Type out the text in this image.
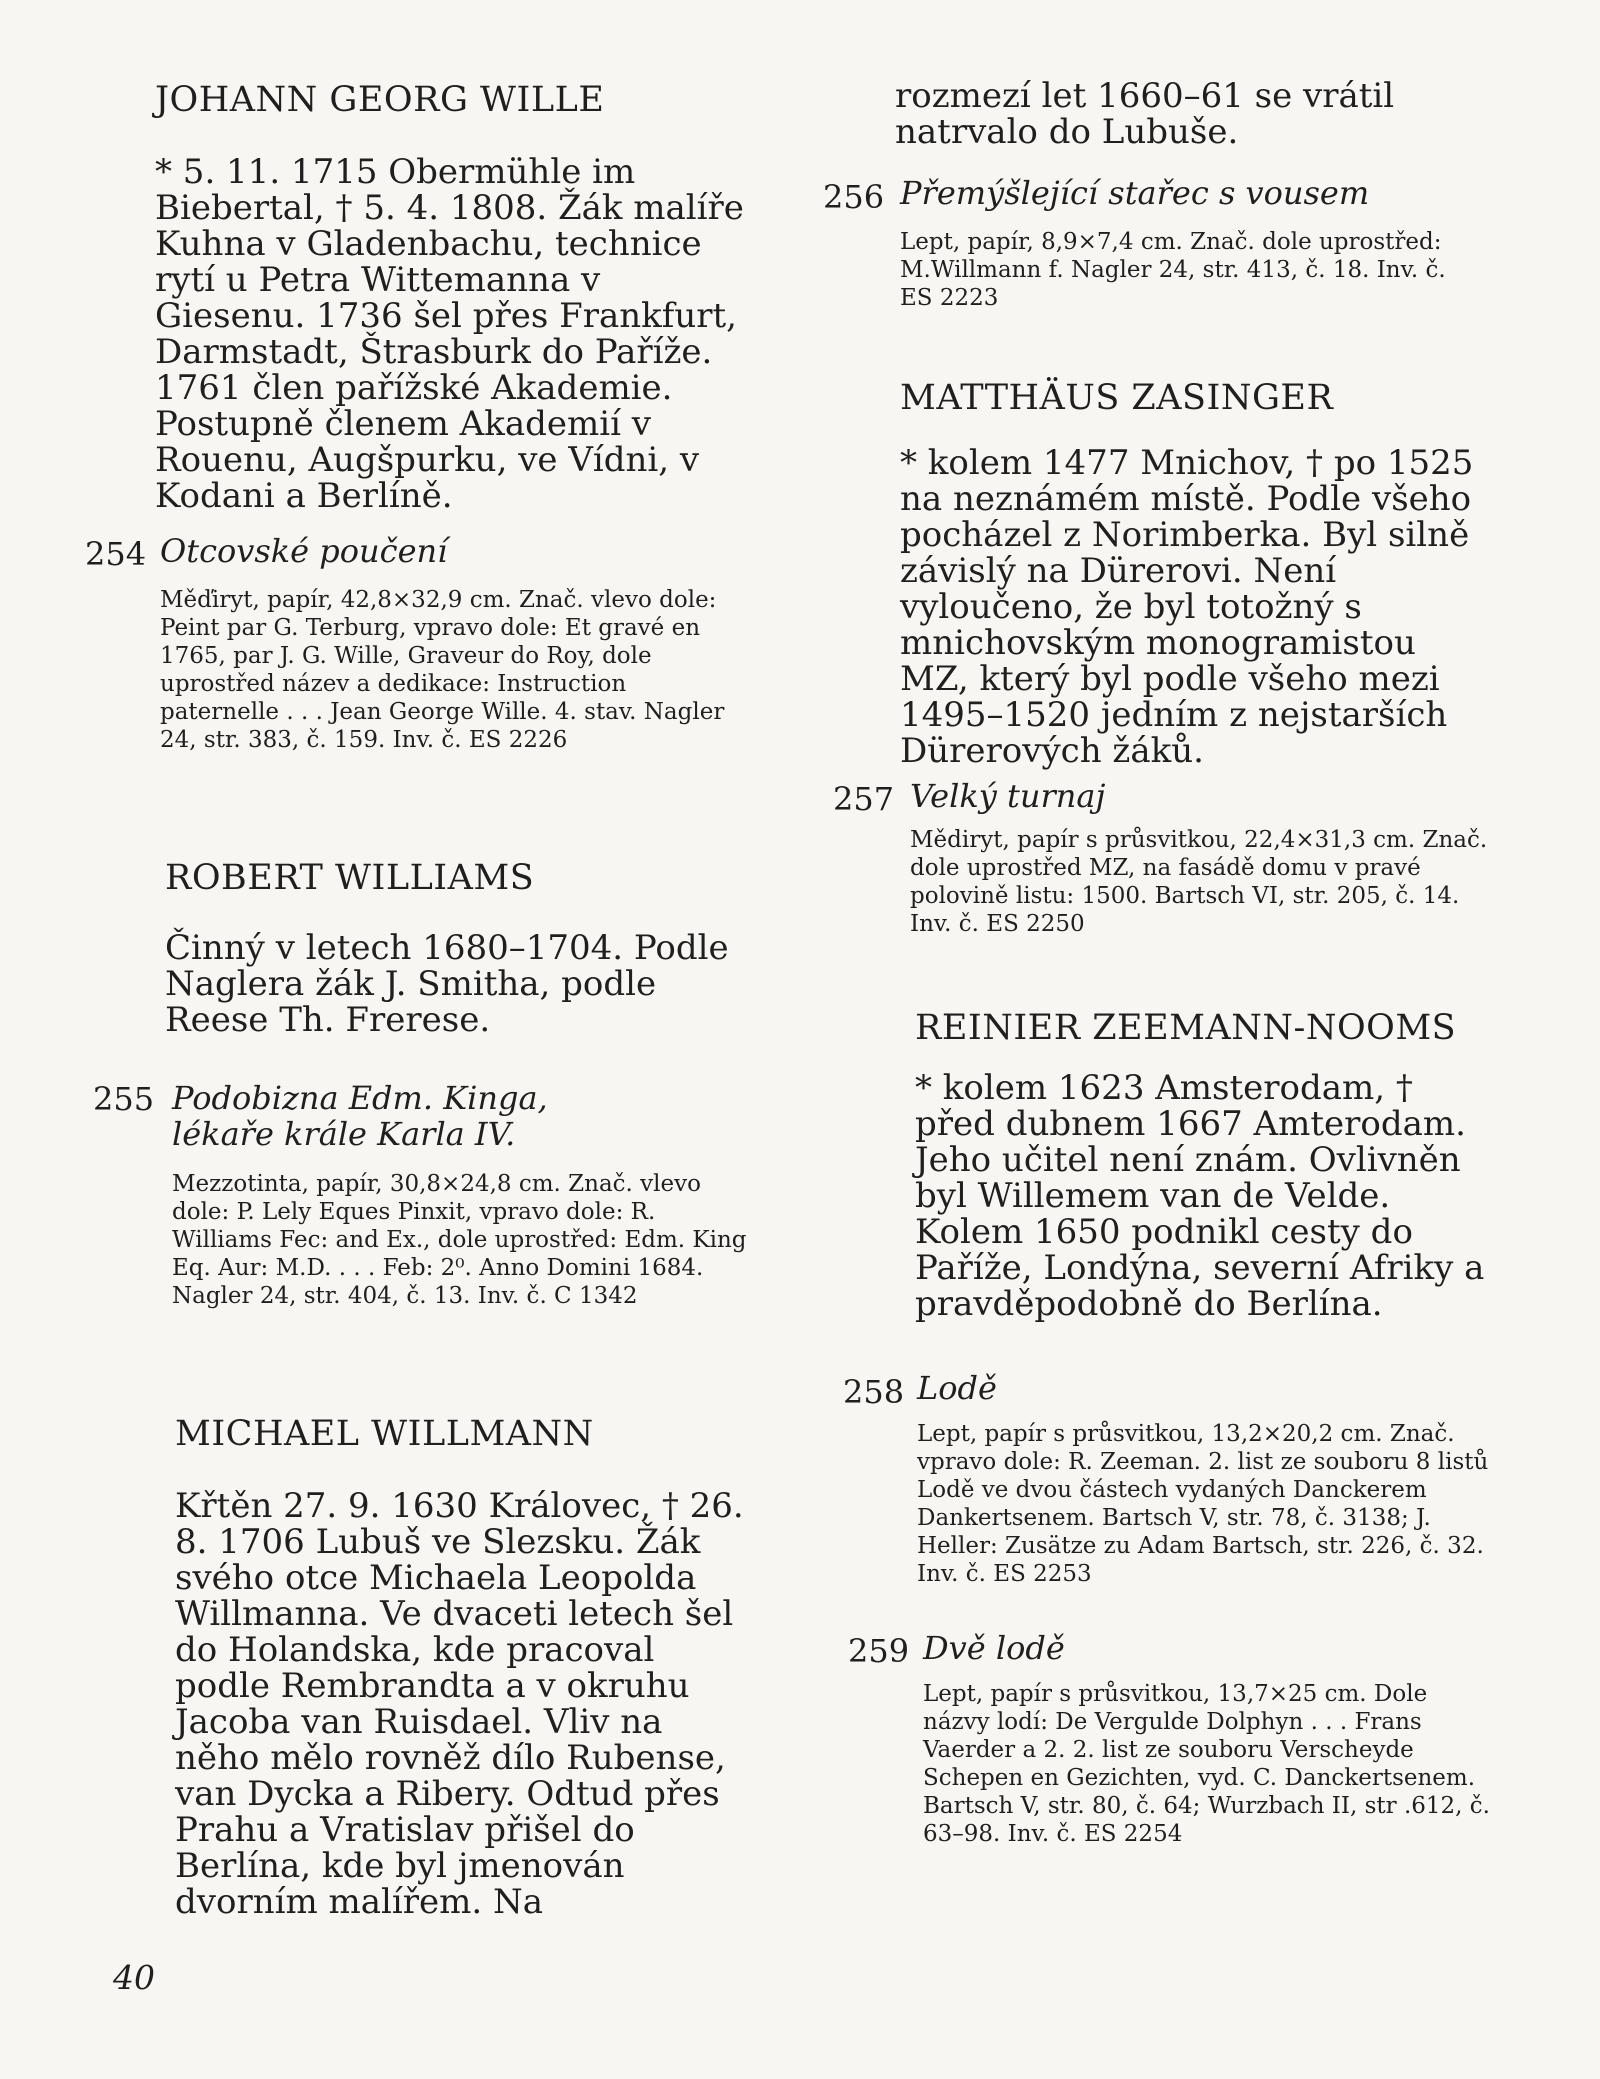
JOHANN GEORG WILLE
* 5. 11. 1715 Obermühle im Biebertal, † 5. 4. 1808. Žák malíře Kuhna v Gladenbachu, technice rytí u Petra Wittemanna v Giesenu. 1736 šel přes Frankfurt, Darmstadt, Štrasburk do Paříže. 1761 člen pařížské Akademie. Postupně členem Akademií v Rouenu, Augšpurku, ve Vídni, v Kodani a Berlíně.
254 Otcovské poučení
Měďiryt, papír, 42,8×32,9 cm. Znač. vlevo dole: Peint par G. Terburg, vpravo dole: Et gravé en 1765, par J. G. Wille, Graveur do Roy, dole uprostřed název a dedikace: Instruction paternelle . . . Jean George Wille. 4. stav. Nagler 24, str. 383, č. 159. Inv. č. ES 2226
ROBERT WILLIAMS
Činný v letech 1680–1704. Podle Naglera žák J. Smitha, podle Reese Th. Frerese.
255 Podobizna Edm. Kinga, lékaře krále Karla IV.
Mezzotinta, papír, 30,8×24,8 cm. Znač. vlevo dole: P. Lely Eques Pinxit, vpravo dole: R. Williams Fec: and Ex., dole uprostřed: Edm. King Eq. Aur: M.D. . . . Feb: 2⁰. Anno Domini 1684. Nagler 24, str. 404, č. 13. Inv. č. C 1342
MICHAEL WILLMANN
Křtěn 27. 9. 1630 Královec, † 26. 8. 1706 Lubuš ve Slezsku. Žák svého otce Michaela Leopolda Willmanna. Ve dvaceti letech šel do Holandska, kde pracoval podle Rembrandta a v okruhu Jacoba van Ruisdael. Vliv na něho mělo rovněž dílo Rubense, van Dycka a Ribery. Odtud přes Prahu a Vratislav přišel do Berlína, kde byl jmenován dvorním malířem. Na
rozmezí let 1660–61 se vrátil natrvalo do Lubuše.
256 Přemýšlející stařec s vousem
Lept, papír, 8,9×7,4 cm. Znač. dole uprostřed: M.Willmann f. Nagler 24, str. 413, č. 18. Inv. č. ES 2223
MATTHÄUS ZASINGER
* kolem 1477 Mnichov, † po 1525 na neznámém místě. Podle všeho pocházel z Norimberka. Byl silně závislý na Dürerovi. Není vyloučeno, že byl totožný s mnichovským monogramistou MZ, který byl podle všeho mezi 1495–1520 jedním z nejstarších Dürerových žáků.
257 Velký turnaj
Mědiryt, papír s průsvitkou, 22,4×31,3 cm. Znač. dole uprostřed MZ, na fasádě domu v pravé polovině listu: 1500. Bartsch VI, str. 205, č. 14. Inv. č. ES 2250
REINIER ZEEMANN-NOOMS
* kolem 1623 Amsterodam, † před dubnem 1667 Amterodam. Jeho učitel není znám. Ovlivněn byl Willemem van de Velde. Kolem 1650 podnikl cesty do Paříže, Londýna, severní Afriky a pravděpodobně do Berlína.
258 Lodě
Lept, papír s průsvitkou, 13,2×20,2 cm. Znač. vpravo dole: R. Zeeman. 2. list ze souboru 8 listů Lodě ve dvou částech vydaných Danckerem Dankertsenem. Bartsch V, str. 78, č. 3138; J. Heller: Zusätze zu Adam Bartsch, str. 226, č. 32. Inv. č. ES 2253
259 Dvě lodě
Lept, papír s průsvitkou, 13,7×25 cm. Dole názvy lodí: De Vergulde Dolphyn . . . Frans Vaerder a 2. 2. list ze souboru Verscheyde Schepen en Gezichten, vyd. C. Danckertsenem. Bartsch V, str. 80, č. 64; Wurzbach II, str .612, č. 63–98. Inv. č. ES 2254
40
